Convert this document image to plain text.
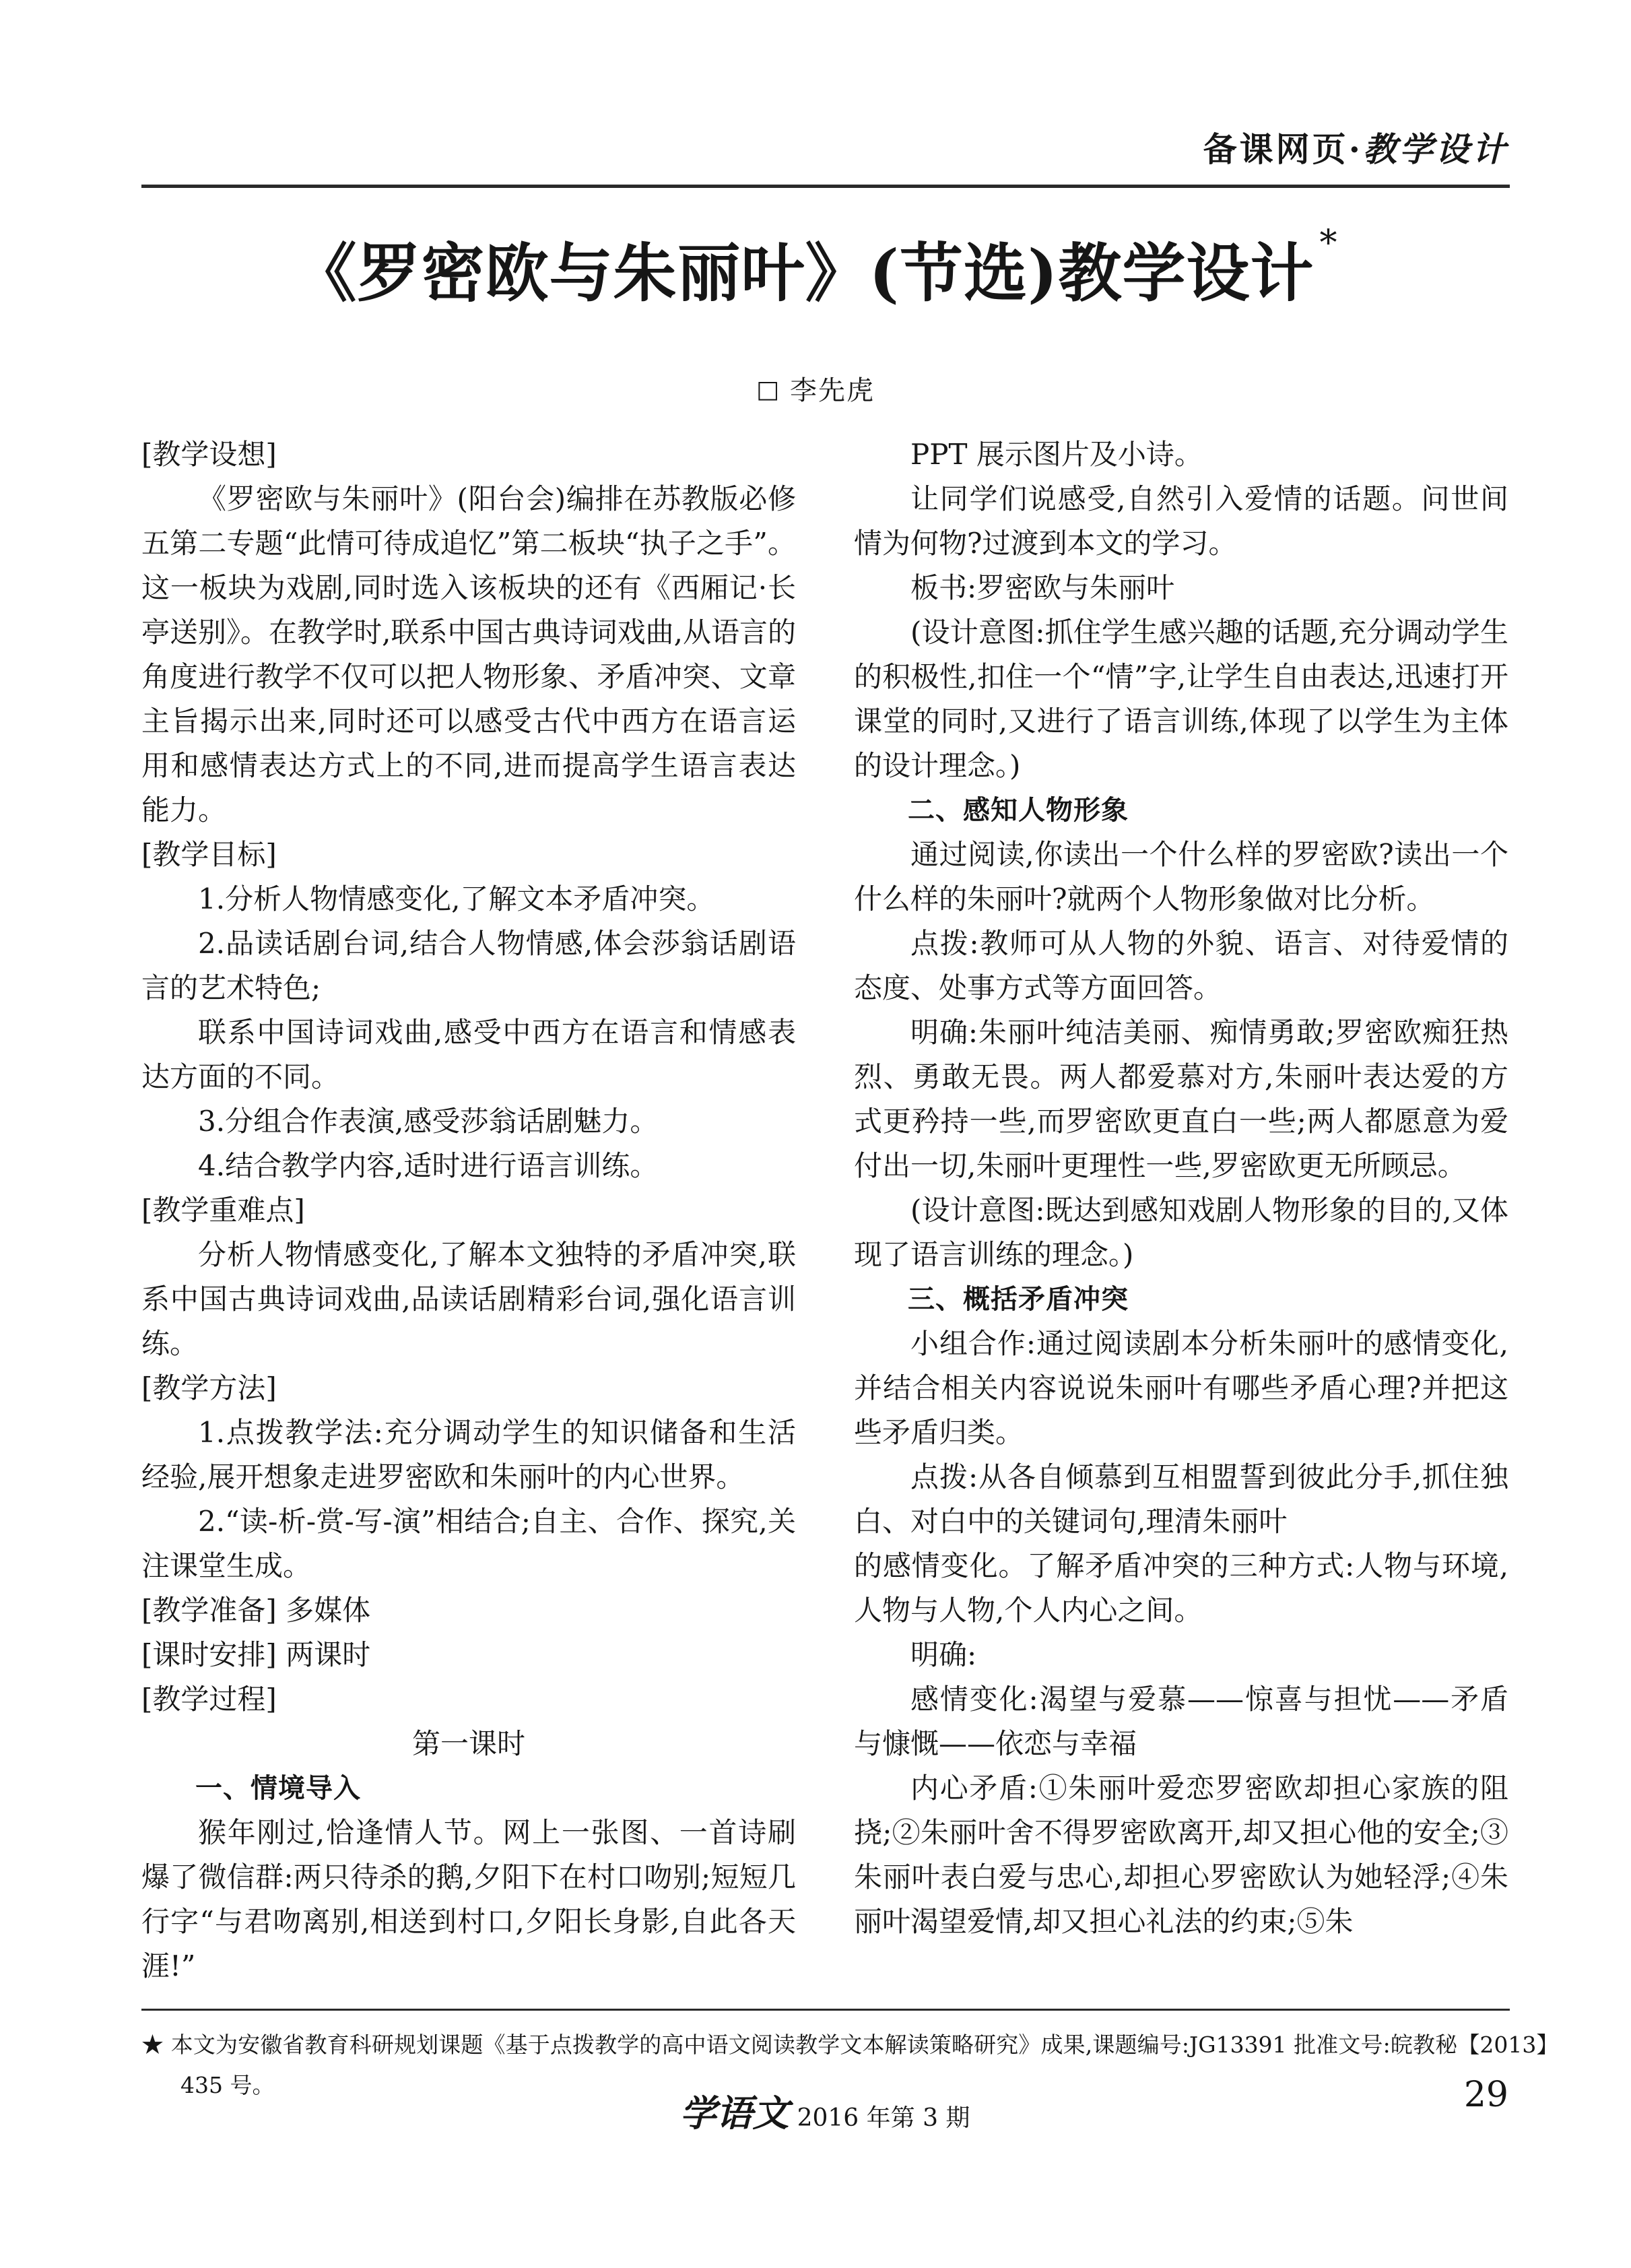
备课网页·教学设计
《罗密欧与朱丽叶》(节选)教学设计 *
□ 李先虎

[教学设想]

《罗密欧与朱丽叶》(阳台会)编排在苏教版必修五第二专题“此情可待成追忆”第二板块“执子之手”。这一板块为戏剧,同时选入该板块的还有《西厢记·长亭送别》。在教学时,联系中国古典诗词戏曲,从语言的角度进行教学不仅可以把人物形象、矛盾冲突、文章主旨揭示出来,同时还可以感受古代中西方在语言运用和感情表达方式上的不同,进而提高学生语言表达能力。

[教学目标]

1.分析人物情感变化,了解文本矛盾冲突。

2.品读话剧台词,结合人物情感,体会莎翁话剧语言的艺术特色;

联系中国诗词戏曲,感受中西方在语言和情感表达方面的不同。

3.分组合作表演,感受莎翁话剧魅力。

4.结合教学内容,适时进行语言训练。

[教学重难点]

分析人物情感变化,了解本文独特的矛盾冲突,联系中国古典诗词戏曲,品读话剧精彩台词,强化语言训练。

[教学方法]

1.点拨教学法:充分调动学生的知识储备和生活经验,展开想象走进罗密欧和朱丽叶的内心世界。

2.“读-析-赏-写-演”相结合;自主、合作、探究,关注课堂生成。

[教学准备] 多媒体

[课时安排] 两课时

[教学过程]

第一课时

一、情境导入

猴年刚过,恰逢情人节。网上一张图、一首诗刷爆了微信群:两只待杀的鹅,夕阳下在村口吻别;短短几行字“与君吻离别,相送到村口,夕阳长身影,自此各天涯!”

PPT 展示图片及小诗。

让同学们说感受,自然引入爱情的话题。问世间情为何物?过渡到本文的学习。

板书:罗密欧与朱丽叶

(设计意图:抓住学生感兴趣的话题,充分调动学生的积极性,扣住一个“情”字,让学生自由表达,迅速打开课堂的同时,又进行了语言训练,体现了以学生为主体的设计理念。)

二、感知人物形象

通过阅读,你读出一个什么样的罗密欧?读出一个什么样的朱丽叶?就两个人物形象做对比分析。

点拨:教师可从人物的外貌、语言、对待爱情的态度、处事方式等方面回答。

明确:朱丽叶纯洁美丽、痴情勇敢;罗密欧痴狂热烈、勇敢无畏。两人都爱慕对方,朱丽叶表达爱的方式更矜持一些,而罗密欧更直白一些;两人都愿意为爱付出一切,朱丽叶更理性一些,罗密欧更无所顾忌。

(设计意图:既达到感知戏剧人物形象的目的,又体现了语言训练的理念。)

三、概括矛盾冲突

小组合作:通过阅读剧本分析朱丽叶的感情变化,并结合相关内容说说朱丽叶有哪些矛盾心理?并把这些矛盾归类。

点拨:从各自倾慕到互相盟誓到彼此分手,抓住独白、对白中的关键词句,理清朱丽叶

的感情变化。了解矛盾冲突的三种方式:人物与环境,人物与人物,个人内心之间。

明确:

感情变化:渴望与爱慕——惊喜与担忧——矛盾与慷慨——依恋与幸福

内心矛盾:①朱丽叶爱恋罗密欧却担心家族的阻挠;②朱丽叶舍不得罗密欧离开,却又担心他的安全;③朱丽叶表白爱与忠心,却担心罗密欧认为她轻浮;④朱丽叶渴望爱情,却又担心礼法的约束;⑤朱

★ 本文为安徽省教育科研规划课题《基于点拨教学的高中语文阅读教学文本解读策略研究》成果,课题编号:JG13391 批准文号:皖教秘【2013】435 号。
学语文 2016 年第 3 期
29
